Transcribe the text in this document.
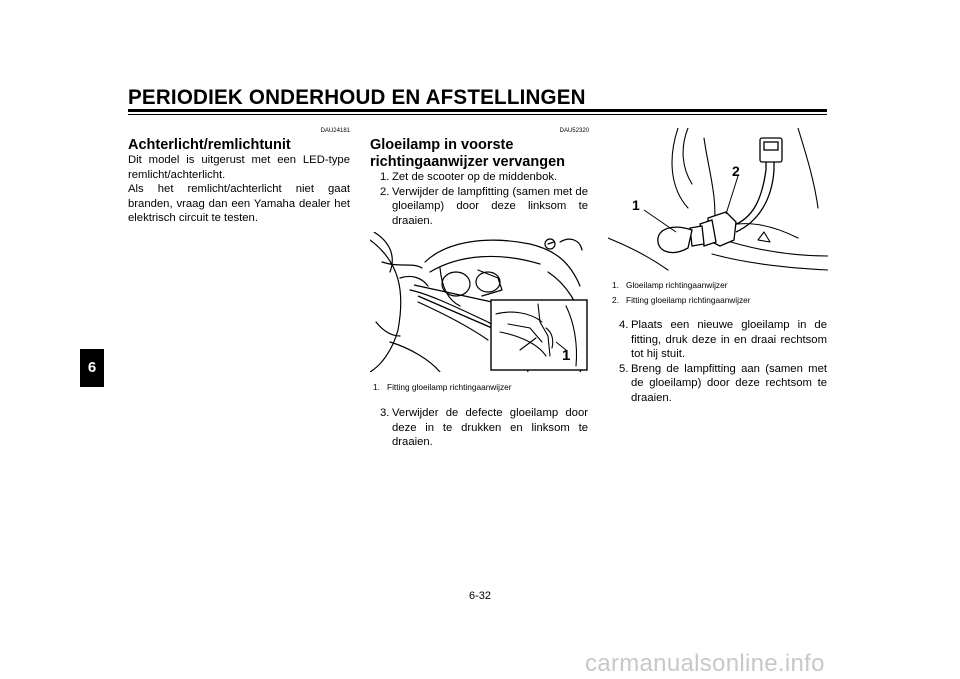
PERIODIEK ONDERHOUD EN AFSTELLINGEN
6
DAU24181
Achterlicht/remlichtunit
Dit model is uitgerust met een LED-type remlicht/achterlicht.
Als het remlicht/achterlicht niet gaat branden, vraag dan een Yamaha dealer het elektrisch circuit te testen.
DAU52320
Gloeilamp in voorste
richtingaanwijzer vervangen
1. Zet de scooter op de middenbok.
2. Verwijder de lampfitting (samen met de gloeilamp) door deze linksom te draaien.
1
1. Fitting gloeilamp richtingaanwijzer
3. Verwijder de defecte gloeilamp door deze in te drukken en linksom te draaien.
1
2
1. Gloeilamp richtingaanwijzer
2. Fitting gloeilamp richtingaanwijzer
4. Plaats een nieuwe gloeilamp in de fitting, druk deze in en draai rechtsom tot hij stuit.
5. Breng de lampfitting aan (samen met de gloeilamp) door deze rechtsom te draaien.
6-32
carmanualsonline.info
